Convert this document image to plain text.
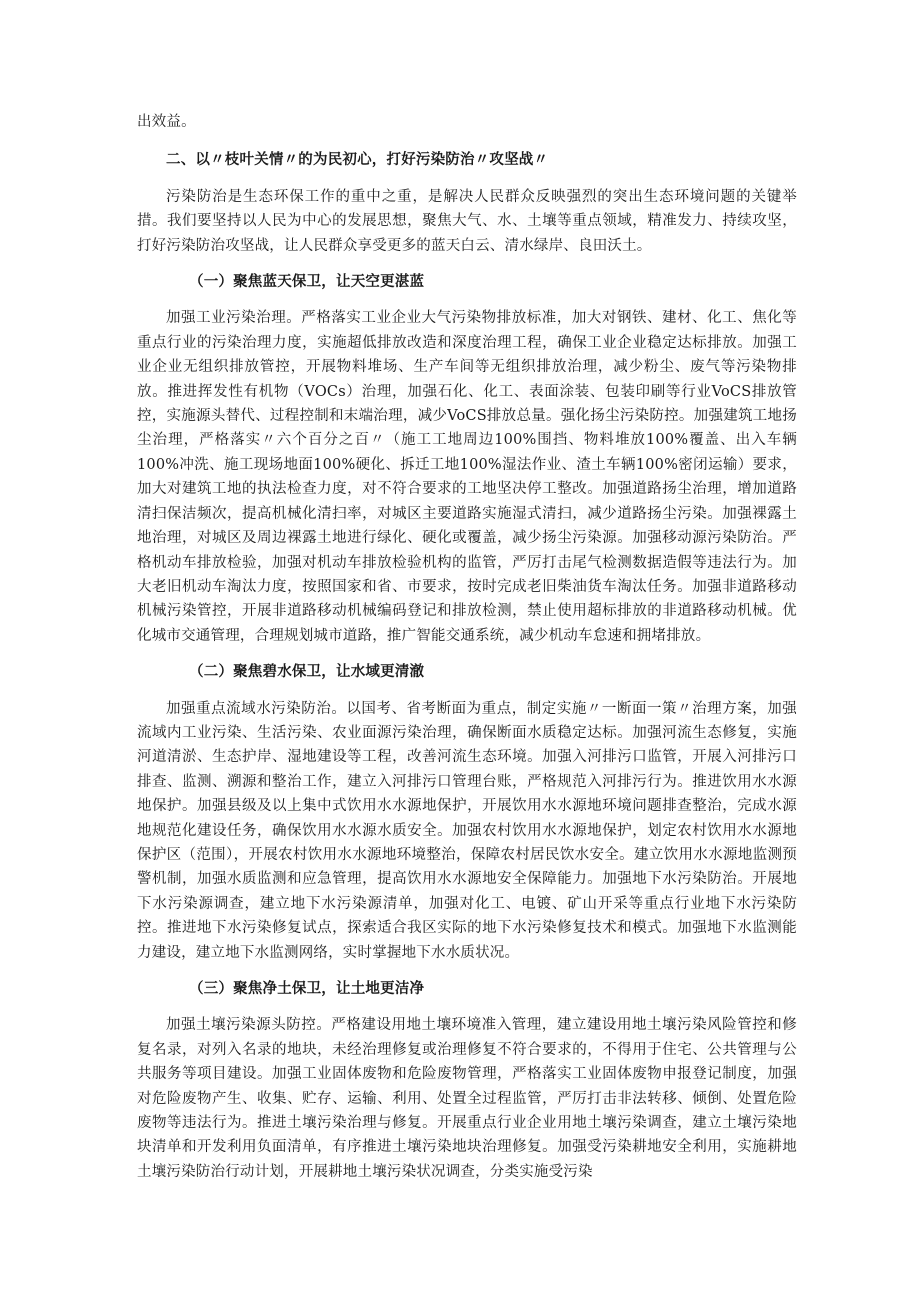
出效益。

二、以〃枝叶关情〃的为民初心，打好污染防治〃攻坚战〃

污染防治是生态环保工作的重中之重，是解决人民群众反映强烈的突出生态环境问题的关键举措。我们要坚持以人民为中心的发展思想，聚焦大气、水、土壤等重点领域，精准发力、持续攻坚，打好污染防治攻坚战，让人民群众享受更多的蓝天白云、清水绿岸、良田沃土。

（一）聚焦蓝天保卫，让天空更湛蓝

加强工业污染治理。严格落实工业企业大气污染物排放标准，加大对钢铁、建材、化工、焦化等重点行业的污染治理力度，实施超低排放改造和深度治理工程，确保工业企业稳定达标排放。加强工业企业无组织排放管控，开展物料堆场、生产车间等无组织排放治理，减少粉尘、废气等污染物排放。推进挥发性有机物（VOCs）治理，加强石化、化工、表面涂装、包装印刷等行业VoCS排放管控，实施源头替代、过程控制和末端治理，减少VoCS排放总量。强化扬尘污染防控。加强建筑工地扬尘治理，严格落实〃六个百分之百〃（施工工地周边100%围挡、物料堆放100%覆盖、出入车辆100%冲洗、施工现场地面100%硬化、拆迁工地100%湿法作业、渣土车辆100%密闭运输）要求，加大对建筑工地的执法检查力度，对不符合要求的工地坚决停工整改。加强道路扬尘治理，增加道路清扫保洁频次，提高机械化清扫率，对城区主要道路实施湿式清扫，减少道路扬尘污染。加强裸露土地治理，对城区及周边裸露土地进行绿化、硬化或覆盖，减少扬尘污染源。加强移动源污染防治。严格机动车排放检验，加强对机动车排放检验机构的监管，严厉打击尾气检测数据造假等违法行为。加大老旧机动车淘汰力度，按照国家和省、市要求，按时完成老旧柴油货车淘汰任务。加强非道路移动机械污染管控，开展非道路移动机械编码登记和排放检测，禁止使用超标排放的非道路移动机械。优化城市交通管理，合理规划城市道路，推广智能交通系统，减少机动车怠速和拥堵排放。

（二）聚焦碧水保卫，让水域更清澈

加强重点流域水污染防治。以国考、省考断面为重点，制定实施〃一断面一策〃治理方案，加强流域内工业污染、生活污染、农业面源污染治理，确保断面水质稳定达标。加强河流生态修复，实施河道清淤、生态护岸、湿地建设等工程，改善河流生态环境。加强入河排污口监管，开展入河排污口排查、监测、溯源和整治工作，建立入河排污口管理台账，严格规范入河排污行为。推进饮用水水源地保护。加强县级及以上集中式饮用水水源地保护，开展饮用水水源地环境问题排查整治，完成水源地规范化建设任务，确保饮用水水源水质安全。加强农村饮用水水源地保护，划定农村饮用水水源地保护区（范围），开展农村饮用水水源地环境整治，保障农村居民饮水安全。建立饮用水水源地监测预警机制，加强水质监测和应急管理，提高饮用水水源地安全保障能力。加强地下水污染防治。开展地下水污染源调查，建立地下水污染源清单，加强对化工、电镀、矿山开采等重点行业地下水污染防控。推进地下水污染修复试点，探索适合我区实际的地下水污染修复技术和模式。加强地下水监测能力建设，建立地下水监测网络，实时掌握地下水水质状况。

（三）聚焦净土保卫，让土地更洁净

加强土壤污染源头防控。严格建设用地土壤环境准入管理，建立建设用地土壤污染风险管控和修复名录，对列入名录的地块，未经治理修复或治理修复不符合要求的，不得用于住宅、公共管理与公共服务等项目建设。加强工业固体废物和危险废物管理，严格落实工业固体废物申报登记制度，加强对危险废物产生、收集、贮存、运输、利用、处置全过程监管，严厉打击非法转移、倾倒、处置危险废物等违法行为。推进土壤污染治理与修复。开展重点行业企业用地土壤污染调查，建立土壤污染地块清单和开发利用负面清单，有序推进土壤污染地块治理修复。加强受污染耕地安全利用，实施耕地土壤污染防治行动计划，开展耕地土壤污染状况调查，分类实施受污染
